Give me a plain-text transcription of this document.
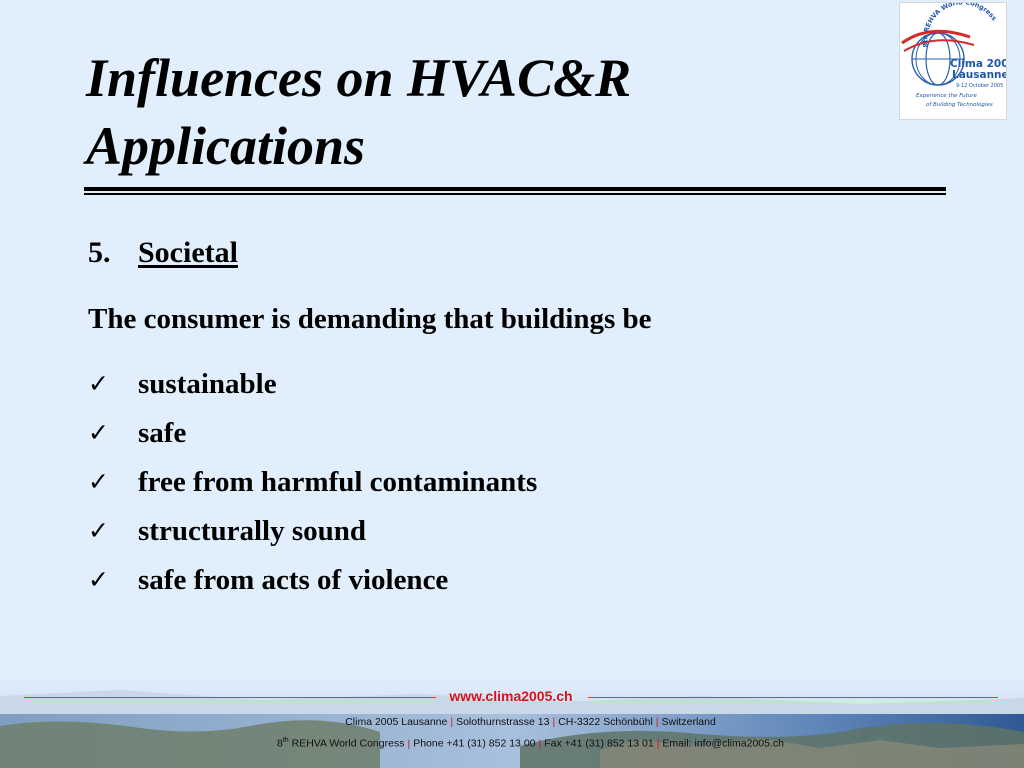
Influences on HVAC&R
Applications
8th REHVA Wor ongress
Clima 200
Lausanne
9-12 October 2005
Experience the Future
of Building Technologies
5. Societal
The consumer is demanding that buildings be
✓	sustainable
✓	safe
✓	free from harmful contaminants
✓	structurally sound
✓	safe from acts of violence
www.clima2005.ch
Clima 2005 Lausanne | Solothurnstrasse 13 | CH-3322 Schönbühl | Switzerland
8th REHVA World Congress | Phone +41 (31) 852 13 00 | Fax +41 (31) 852 13 01 | Email: info@clima2005.ch
